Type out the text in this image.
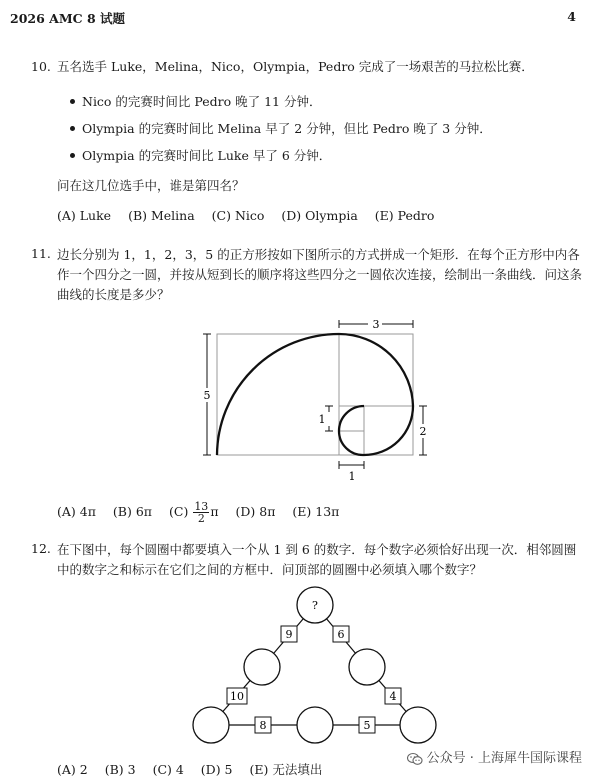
2026 AMC 8 试题	4
10. 五名选手 Luke，Melina，Nico，Olympia，Pedro 完成了一场艰苦的马拉松比赛．
Nico 的完赛时间比 Pedro 晚了 11 分钟．
Olympia 的完赛时间比 Melina 早了 2 分钟，但比 Pedro 晚了 3 分钟．
Olympia 的完赛时间比 Luke 早了 6 分钟．
问在这几位选手中，谁是第四名？
(A) Luke (B) Melina (C) Nico (D) Olympia (E) Pedro
11. 边长分别为 1，1，2，3，5 的正方形按如下图所示的方式拼成一个矩形．在每个正方形中内各作一个四分之一圆，并按从短到长的顺序将这些四分之一圆依次连接，绘制出一条曲线．问这条曲线的长度是多少？
5
3
2
1
1
(A) 4π (B) 6π $(C) \frac{13}{2}$ π (D) 8π (E) 13π
12. 在下图中，每个圆圈中都要填入一个从 1 到 6 的数字．每个数字必须恰好出现一次．相邻圆圈中的数字之和标示在它们之间的方框中．问顶部的圆圈中必须填入哪个数字？
?
9	6
10	4
8	5
(A) 2 (B) 3 (C) 4 (D) 5 (E) 无法填出
公众号 · 上海犀牛国际课程
